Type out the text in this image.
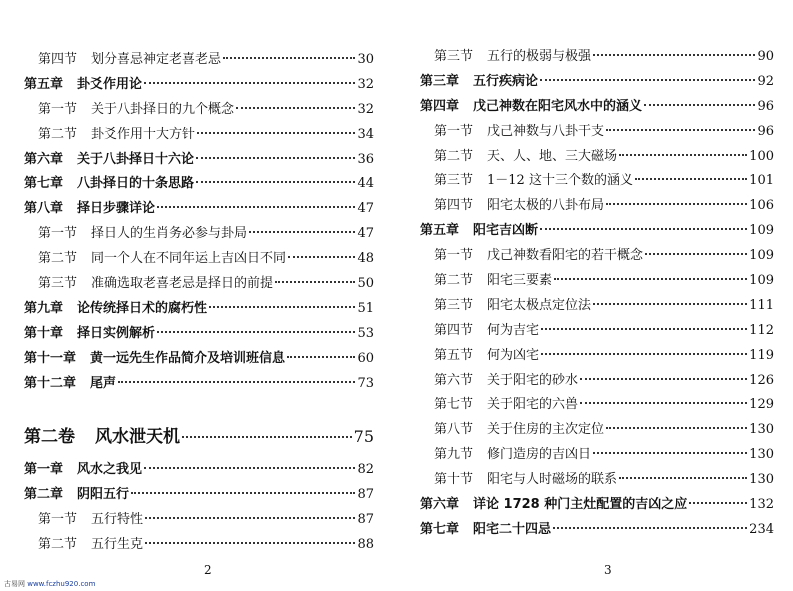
第四节 划分喜忌神定老喜老忌	30
第五章 卦爻作用论	32
第一节 关于八卦择日的九个概念	32
第二节 卦爻作用十大方针	34
第六章 关于八卦择日十六论	36
第七章 八卦择日的十条思路	44
第八章 择日步骤详论	47
第一节 择日人的生肖务必参与卦局	47
第二节 同一个人在不同年运上吉凶日不同	48
第三节 准确选取老喜老忌是择日的前提	50
第九章 论传统择日术的腐朽性	51
第十章 择日实例解析	53
第十一章 黄一远先生作品简介及培训班信息	60
第十二章 尾声	73
第二卷 风水泄天机	75
第一章 风水之我见	82
第二章 阴阳五行	87
第一节 五行特性	87
第二节 五行生克	88
2
第三节 五行的极弱与极强	90
第三章 五行疾病论	92
第四章 戊己神数在阳宅风水中的涵义	96
第一节 戊己神数与八卦干支	96
第二节 天、人、地、三大磁场	100
第三节 1－12 这十三个数的涵义	101
第四节 阳宅太极的八卦布局	106
第五章 阳宅吉凶断	109
第一节 戊己神数看阳宅的若干概念	109
第二节 阳宅三要素	109
第三节 阳宅太极点定位法	111
第四节 何为吉宅	112
第五节 何为凶宅	119
第六节 关于阳宅的砂水	126
第七节 关于阳宅的六兽	129
第八节 关于住房的主次定位	130
第九节 修门造房的吉凶日	130
第十节 阳宅与人时磁场的联系	130
第六章 详论 1728 种门主灶配置的吉凶之应	132
第七章 阳宅二十四忌	234
3
古易网 www.fczhu920.com
